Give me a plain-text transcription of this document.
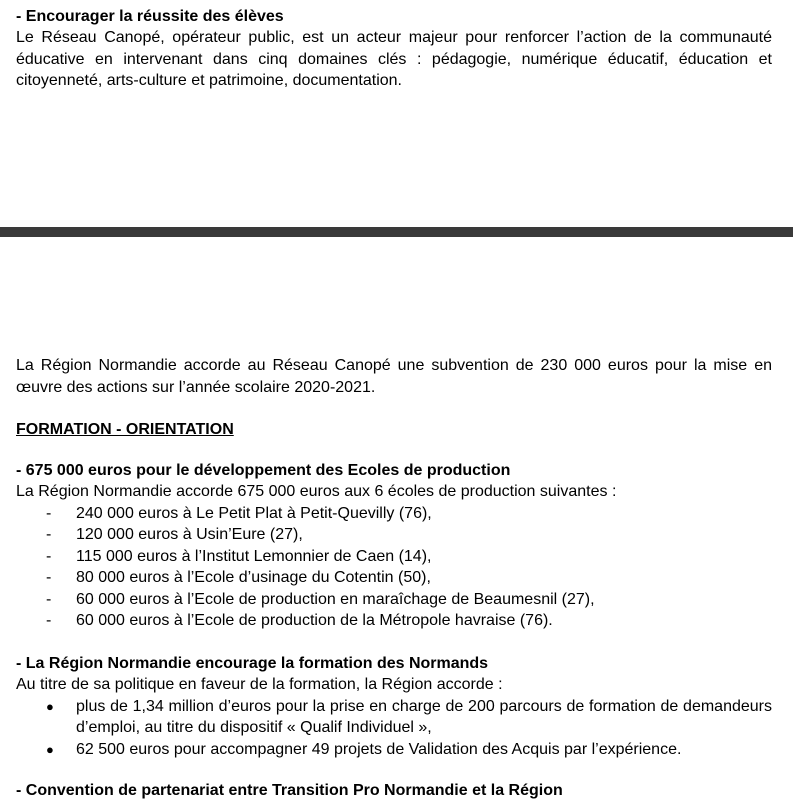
- Encourager la réussite des élèves

Le Réseau Canopé, opérateur public, est un acteur majeur pour renforcer l’action de la communauté éducative en intervenant dans cinq domaines clés : pédagogie, numérique éducatif, éducation et citoyenneté, arts-culture et patrimoine, documentation.

La Région Normandie accorde au Réseau Canopé une subvention de 230 000 euros pour la mise en œuvre des actions sur l’année scolaire 2020-2021.

FORMATION - ORIENTATION

- 675 000 euros pour le développement des Ecoles de production

La Région Normandie accorde 675 000 euros aux 6 écoles de production suivantes :

- 240 000 euros à Le Petit Plat à Petit-Quevilly (76),
- 120 000 euros à Usin’Eure (27),
- 115 000 euros à l’Institut Lemonnier de Caen (14),
- 80 000 euros à l’Ecole d’usinage du Cotentin (50),
- 60 000 euros à l’Ecole de production en maraîchage de Beaumesnil (27),
- 60 000 euros à l’Ecole de production de la Métropole havraise (76).

- La Région Normandie encourage la formation des Normands

Au titre de sa politique en faveur de la formation, la Région accorde :

● plus de 1,34 million d’euros pour la prise en charge de 200 parcours de formation de demandeurs d’emploi, au titre du dispositif « Qualif Individuel »,
● 62 500 euros pour accompagner 49 projets de Validation des Acquis par l’expérience.
- Convention de partenariat entre Transition Pro Normandie et la Région
